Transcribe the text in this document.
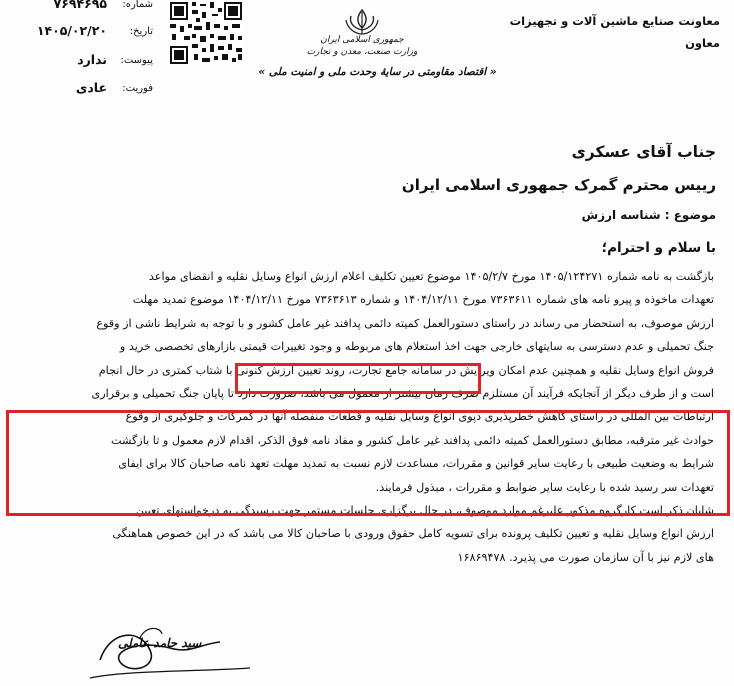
معاونت صنایع ماشین آلات و تجهیزات
معاون
جمهوری اسلامی ایران
وزارت صنعت، معدن و تجارت
« اقتصاد مقاومتی در سایهٔ وحدت ملی و امنیت ملی »
شماره:
۷۶۹۴۶۹۵
تاریخ:
۱۴۰۵/۰۲/۲۰
پیوست:
ندارد
فوریت:
عادی
جناب آقای عسکری
رییس محترم گمرک جمهوری اسلامی ایران
موضوع : شناسه ارزش
با سلام و احترام؛
بازگشت به نامه شماره ۱۴۰۵/۱۲۴۲۷۱ مورخ ۱۴۰۵/۲/۷ موضوع تعیین تکلیف اعلام ارزش انواع وسایل نقلیه و انقضای مواعد
تعهدات ماخوذه و پیرو نامه های شماره ۷۳۶۳۶۱۱ مورخ ۱۴۰۴/۱۲/۱۱ و شماره ۷۳۶۳۶۱۳ مورخ ۱۴۰۴/۱۲/۱۱ موضوع تمدید مهلت
ارزش موصوف، به استحضار می رساند در راستای دستورالعمل کمیته دائمی پدافند غیر عامل کشور و با توجه به شرایط ناشی از وقوع
جنگ تحمیلی و عدم دسترسی به سایتهای خارجی جهت اخذ استعلام های مربوطه و وجود تغییرات قیمتی بازارهای تخصصی خرید و
فروش انواع وسایل نقلیه و همچنین عدم امکان ویرایش در سامانه جامع تجارت، روند تعیین ارزش کنونی با شتاب کمتری در حال انجام
است و از طرف دیگر از آنجایکه فرآیند آن مستلزم صرف زمان بیشتر از معمول می باشد، ضرورت دارد تا پایان جنگ تحمیلی و برقراری
ارتباطات بین المللی در راستای کاهش خطرپذیری دپوی انواع وسایل نقلیه و قطعات منفصله آنها در گمرکات و جلوگیری از وقوع
حوادث غیر مترقبه، مطابق دستورالعمل کمیته دائمی پدافند غیر عامل کشور و مفاد نامه فوق الذکر، اقدام لازم معمول و تا بازگشت
شرایط به وضعیت طبیعی با رعایت سایر قوانین و مقررات، مساعدت لازم نسبت به تمدید مهلت تعهد نامه صاحبان کالا برای ایفای
تعهدات سر رسید شده با رعایت سایر ضوابط و مقررات ، مبذول فرمایند.
شایان ذکر است کارگروه مذکور علیرغم موارد موصوف، در حال برگزاری جلسات مستمر جهت رسیدگی به درخواستهای تعیین
ارزش انواع وسایل نقلیه و تعیین تکلیف پرونده برای تسویه کامل حقوق ورودی با صاحبان کالا می باشد که در این خصوص هماهنگی
های لازم نیز با آن سازمان صورت می پذیرد. ۱۶۸۶۹۴۷۸
سید حامد عاملی
